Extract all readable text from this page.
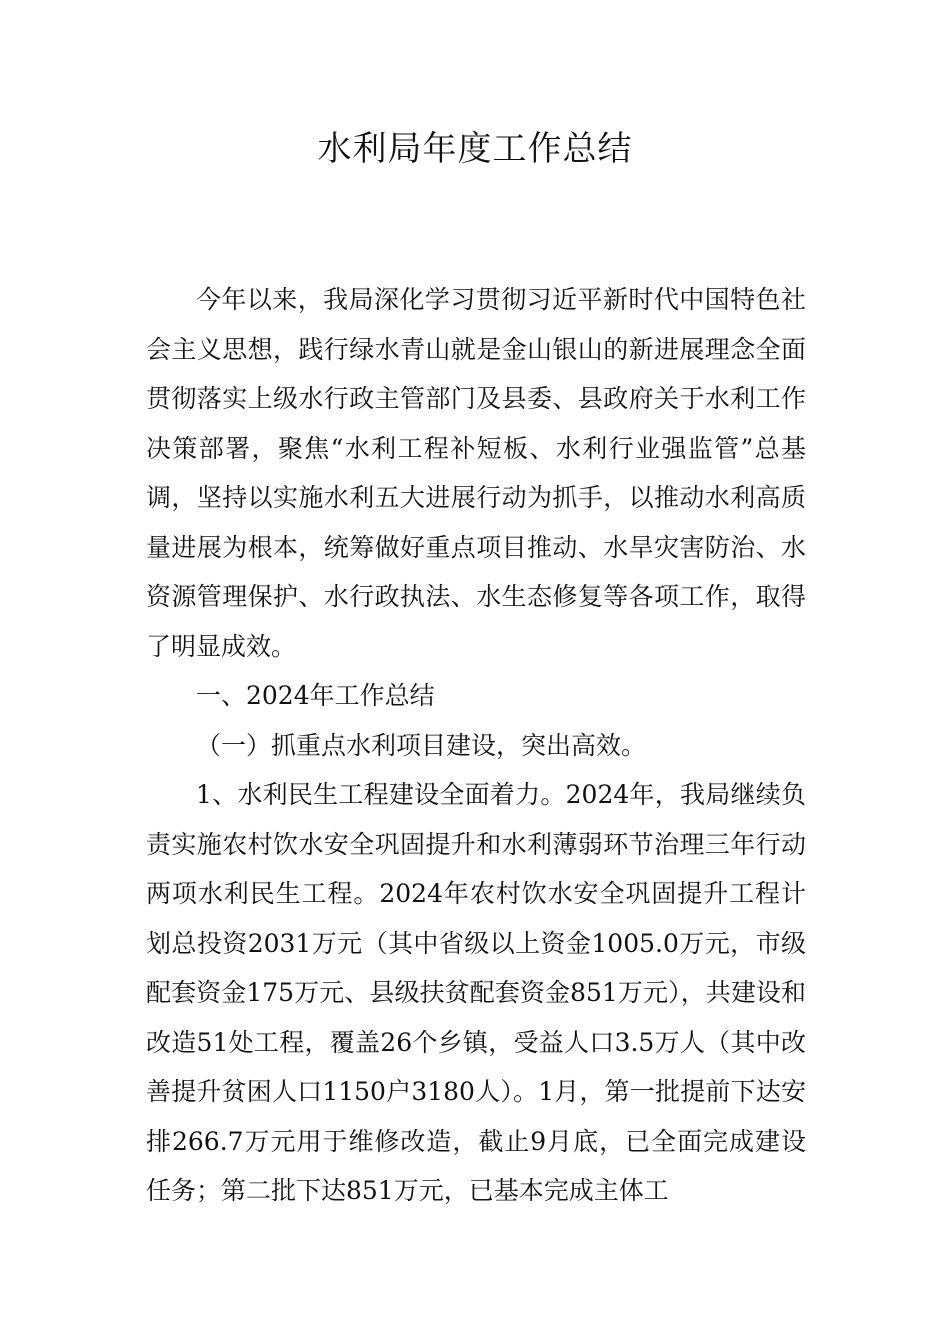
水利局年度工作总结

今年以来，我局深化学习贯彻习近平新时代中国特色社会主义思想，践行绿水青山就是金山银山的新进展理念全面贯彻落实上级水行政主管部门及县委、县政府关于水利工作决策部署，聚焦“水利工程补短板、水利行业强监管”总基调，坚持以实施水利五大进展行动为抓手，以推动水利高质量进展为根本，统筹做好重点项目推动、水旱灾害防治、水资源管理保护、水行政执法、水生态修复等各项工作，取得了明显成效。

一、2024年工作总结

（一）抓重点水利项目建设，突出高效。

1、水利民生工程建设全面着力。2024年，我局继续负责实施农村饮水安全巩固提升和水利薄弱环节治理三年行动两项水利民生工程。2024年农村饮水安全巩固提升工程计划总投资2031万元（其中省级以上资金1005.0万元，市级配套资金175万元、县级扶贫配套资金851万元），共建设和改造51处工程，覆盖26个乡镇，受益人口3.5万人（其中改善提升贫困人口1150户3180人）。1月，第一批提前下达安排266.7万元用于维修改造，截止9月底，已全面完成建设任务；第二批下达851万元，已基本完成主体工
